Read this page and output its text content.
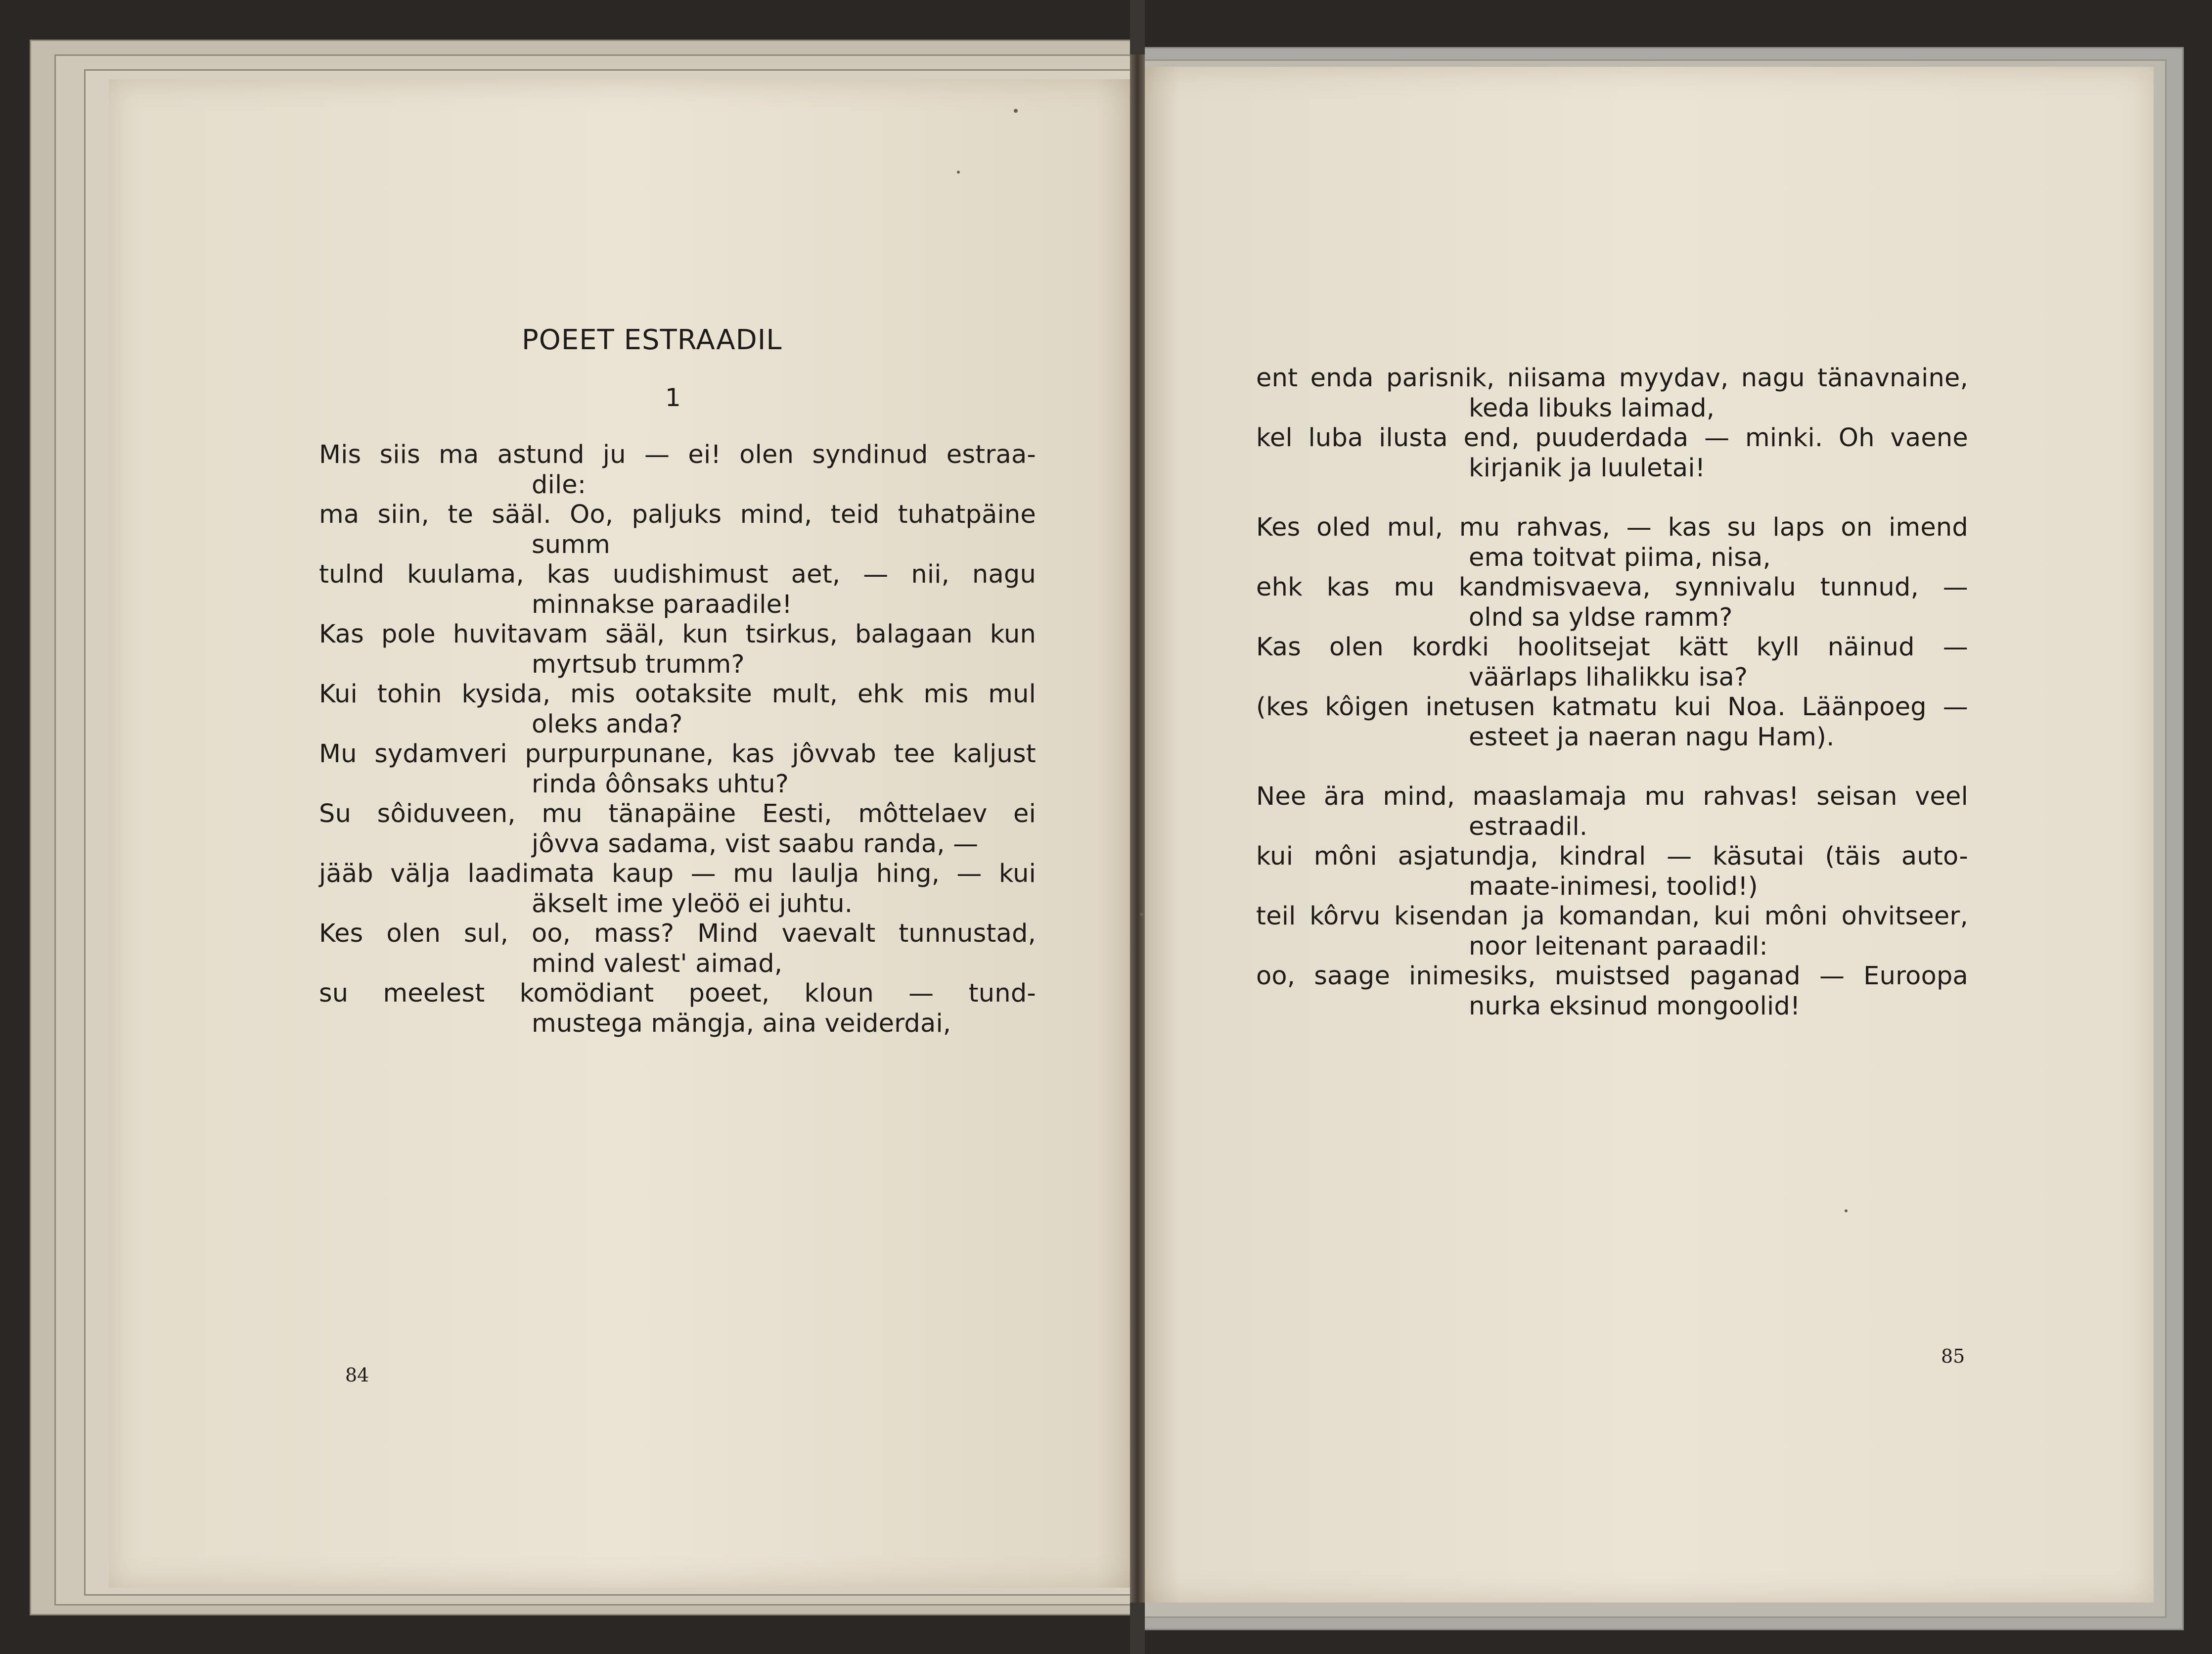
POEET ESTRAADIL
1
Mis siis ma astund ju — ei! olen syndinud estraa-
dile:
ma siin, te sääl. Oo, paljuks mind, teid tuhatpäine
summ
tulnd kuulama, kas uudishimust aet, — nii, nagu
minnakse paraadile!
Kas pole huvitavam sääl, kun tsirkus, balagaan kun
myrtsub trumm?
Kui tohin kysida, mis ootaksite mult, ehk mis mul
oleks anda?
Mu sydamveri purpurpunane, kas jôvvab tee kaljust
rinda ôônsaks uhtu?
Su sôiduveen, mu tänapäine Eesti, môttelaev ei
jôvva sadama, vist saabu randa, —
jääb välja laadimata kaup — mu laulja hing, — kui
äkselt ime yleöö ei juhtu.
Kes olen sul, oo, mass? Mind vaevalt tunnustad,
mind valest' aimad,
su meelest komödiant poeet, kloun — tund-
mustega mängja, aina veiderdai,
84
ent enda parisnik, niisama myydav, nagu tänavnaine,
keda libuks laimad,
kel luba ilusta end, puuderdada — minki. Oh vaene
kirjanik ja luuletai!
Kes oled mul, mu rahvas, — kas su laps on imend
ema toitvat piima, nisa,
ehk kas mu kandmisvaeva, synnivalu tunnud, —
olnd sa yldse ramm?
Kas olen kordki hoolitsejat kätt kyll näinud —
väärlaps lihalikku isa?
(kes kôigen inetusen katmatu kui Noa. Läänpoeg —
esteet ja naeran nagu Ham).
Nee ära mind, maaslamaja mu rahvas! seisan veel
estraadil.
kui môni asjatundja, kindral — käsutai (täis auto-
maate-inimesi, toolid!)
teil kôrvu kisendan ja komandan, kui môni ohvitseer,
noor leitenant paraadil:
oo, saage inimesiks, muistsed paganad — Euroopa
nurka eksinud mongoolid!
85
